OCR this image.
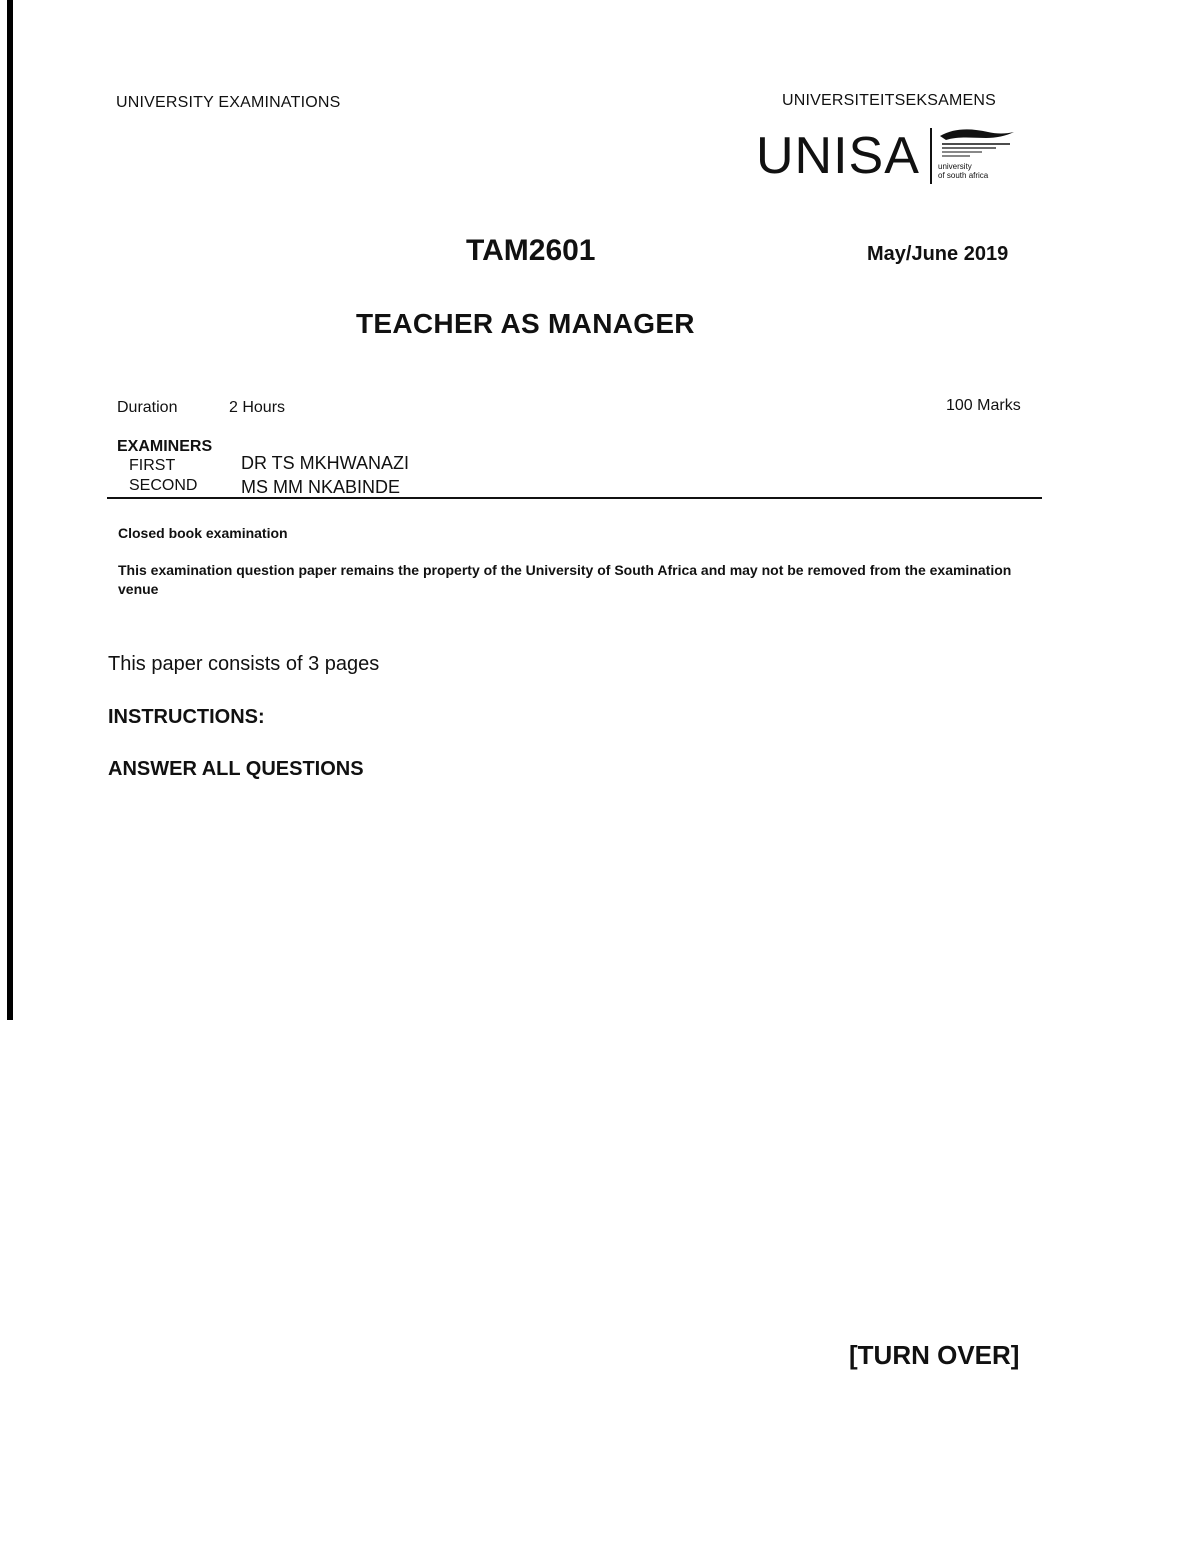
UNIVERSITY EXAMINATIONS	UNIVERSITEITSEKSAMENS
UNISA university
of south africa
TAM2601	May/June 2019
TEACHER AS MANAGER
Duration	2 Hours	100 Marks
EXAMINERS
FIRST	DR TS MKHWANAZI
SECOND MS MM NKABINDE
Closed book examination
This examination question paper remains the property of the University of South Africa and may not be removed from the examination venue
This paper consists of 3 pages
INSTRUCTIONS:
ANSWER ALL QUESTIONS
[TURN OVER]
